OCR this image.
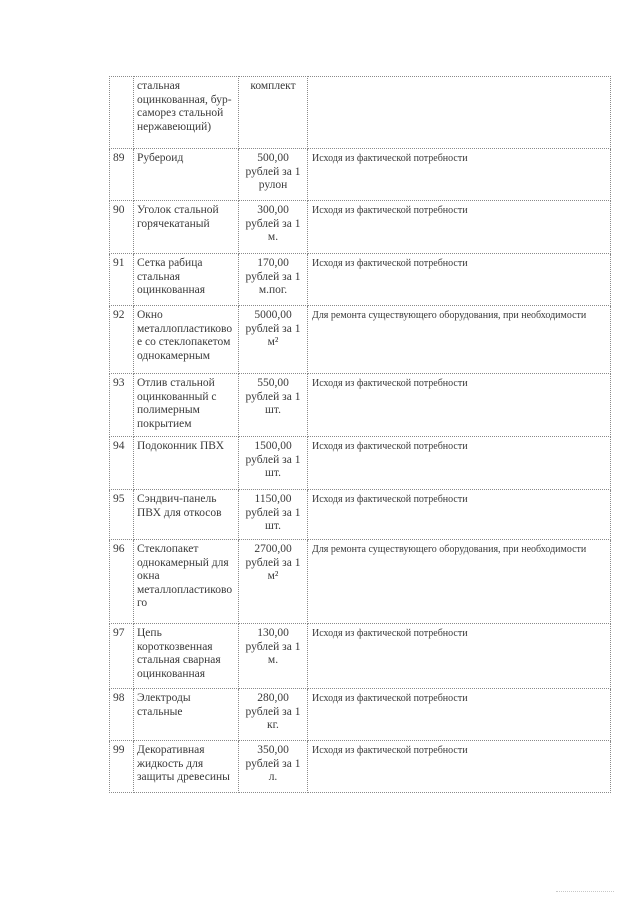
	стальная оцинкованная, бур-саморез стальной нержавеющий)	комплект	
89	Рубероид	500,00 рублей за 1 рулон	Исходя из фактической потребности
90	Уголок стальной горячекатаный	300,00 рублей за 1 м.	Исходя из фактической потребности
91	Сетка рабица стальная оцинкованная	170,00 рублей за 1 м.пог.	Исходя из фактической потребности
92	Окно металлопластиково е со стеклопакетом однокамерным	5000,00 рублей за 1 м²	Для ремонта существующего оборудования, при необходимости
93	Отлив стальной оцинкованный с полимерным покрытием	550,00 рублей за 1 шт.	Исходя из фактической потребности
94	Подоконник ПВХ	1500,00 рублей за 1 шт.	Исходя из фактической потребности
95	Сэндвич-панель ПВХ для откосов	1150,00 рублей за 1 шт.	Исходя из фактической потребности
96	Стеклопакет однокамерный для окна металлопластиково го	2700,00 рублей за 1 м²	Для ремонта существующего оборудования, при необходимости
97	Цепь короткозвенная стальная сварная оцинкованная	130,00 рублей за 1 м.	Исходя из фактической потребности
98	Электроды стальные	280,00 рублей за 1 кг.	Исходя из фактической потребности
99	Декоративная жидкость для защиты древесины	350,00 рублей за 1 л.	Исходя из фактической потребности
